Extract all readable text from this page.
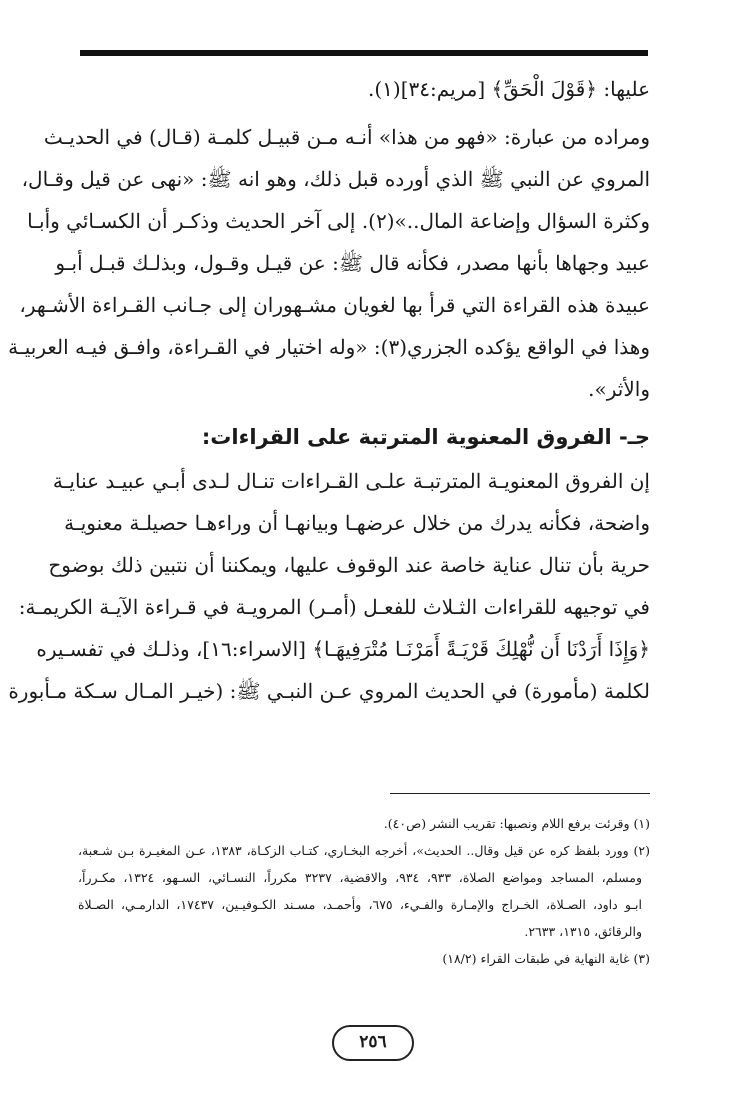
عليها: ﴿قَوْلَ الْحَقِّ﴾ [مريم:٣٤](١).
ومراده من عبارة: «فهو من هذا» أنـه مـن قبيـل كلمـة (قـال) في الحديـث
المروي عن النبي ﷺ الذي أورده قبل ذلك، وهو انه ﷺ: «نهى عن قيل وقـال،
وكثرة السؤال وإضاعة المال..»(٢). إلى آخر الحديث وذكـر أن الكسـائي وأبـا
عبيد وجهاها بأنها مصدر، فكأنه قال ﷺ: عن قيـل وقـول، وبذلـك قبـل أبـو
عبيدة هذه القراءة التي قرأ بها لغويان مشـهوران إلى جـانب القـراءة الأشـهر،
وهذا في الواقع يؤكده الجزري(٣): «وله اختيار في القـراءة، وافـق فيـه العربيـة
والأثر».
جـ- الفروق المعنوية المترتبة على القراءات:
إن الفروق المعنويـة المترتبـة علـى القـراءات تنـال لـدى أبـي عبيـد عنايـة
واضحة، فكأنه يدرك من خلال عرضهـا وبيانهـا أن وراءهـا حصيلـة معنويـة
حرية بأن تنال عناية خاصة عند الوقوف عليها، ويمكننا أن نتبين ذلك بوضوح
في توجيهه للقراءات الثـلاث للفعـل (أمـر) المرويـة في قـراءة الآيـة الكريمـة:
﴿وَإِذَا أَرَدْنَا أَن نُّهْلِكَ قَرْيَـةً أَمَرْنَـا مُتْرَفِيهَـا﴾ [الاسراء:١٦]، وذلـك في تفسـيره
لكلمة (مأمورة) في الحديث المروي عـن النبـي ﷺ: (خيـر المـال سـكة مـأبورة
(١) وقرئت برفع اللام ونصبها: تقريب النشر (ص٤٠).
(٢) وورد بلفظ كره عن قيل وقال.. الحديث»، أخرجه البخـاري، كتـاب الزكـاة، ١٣٨٣، عـن المغيـرة بـن شـعبة،
ومسلم، المساجد ومواضع الصلاة، ٩٣٣، ٩٣٤، والاقضية، ٣٢٣٧ مكرراً، النسـائي، السـهو، ١٣٢٤، مكـرراً،
ابـو داود، الصـلاة، الخـراج والإمـارة والفـيء، ٦٧٥، وأحمـد، مسـند الكـوفيـين، ١٧٤٣٧، الدارمـي، الصـلاة
والرقائق، ١٣١٥، ٢٦٣٣.
(٣) غاية النهاية في طبقات القراء (١٨/٢)
٢٥٦
